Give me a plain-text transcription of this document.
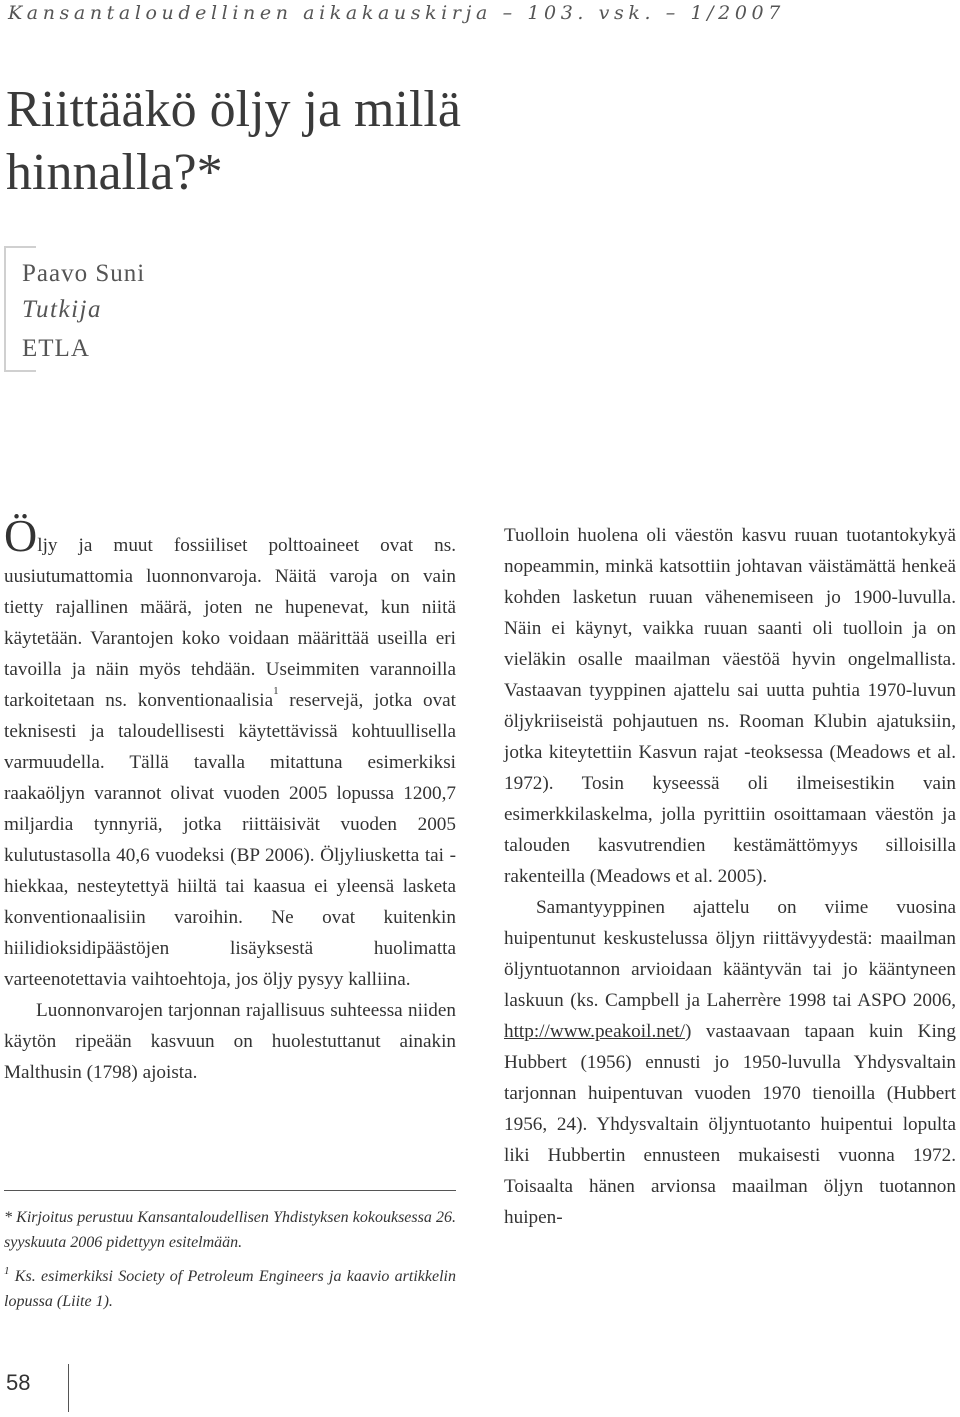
Kansantaloudellinen aikakauskirja – 103. vsk. – 1/2007
Riittääkö öljy ja millä hinnalla?*
Paavo Suni
Tutkija
ETLA

Öljy ja muut fossiiliset polttoaineet ovat ns. uusiutumattomia luonnonvaroja. Näitä varoja on vain tietty rajallinen määrä, joten ne hupenevat, kun niitä käytetään. Varantojen koko voidaan määrittää useilla eri tavoilla ja näin myös tehdään. Useimmiten varannoilla tarkoitetaan ns. konventionaalisia$^1$ reservejä, jotka ovat teknisesti ja taloudellisesti käytettävissä kohtuullisella varmuudella. Tällä tavalla mitattuna esimerkiksi raakaöljyn varannot olivat vuoden 2005 lopussa 1200,7 miljardia tynnyriä, jotka riittäisivät vuoden 2005 kulutustasolla 40,6 vuodeksi (BP 2006). Öljyliusketta tai -hiekkaa, nesteytettyä hiiltä tai kaasua ei yleensä lasketa konventionaalisiin varoihin. Ne ovat kuitenkin hiilidioksidipäästöjen lisäyksestä huolimatta varteenotettavia vaihtoehtoja, jos öljy pysyy kalliina.

Luonnonvarojen tarjonnan rajallisuus suhteessa niiden käytön ripeään kasvuun on huolestuttanut ainakin Malthusin (1798) ajoista.

Tuolloin huolena oli väestön kasvu ruuan tuotantokykyä nopeammin, minkä katsottiin johtavan väistämättä henkeä kohden lasketun ruuan vähenemiseen jo 1900-luvulla. Näin ei käynyt, vaikka ruuan saanti oli tuolloin ja on vieläkin osalle maailman väestöä hyvin ongelmallista. Vastaavan tyyppinen ajattelu sai uutta puhtia 1970-luvun öljykriiseistä pohjautuen ns. Rooman Klubin ajatuksiin, jotka kiteytettiin Kasvun rajat -teoksessa (Meadows et al. 1972). Tosin kyseessä oli ilmeisestikin vain esimerkkilaskelma, jolla pyrittiin osoittamaan väestön ja talouden kasvutrendien kestämättömyys silloisilla rakenteilla (Meadows et al. 2005).

Samantyyppinen ajattelu on viime vuosina huipentunut keskustelussa öljyn riittävyydestä: maailman öljyntuotannon arvioidaan kääntyvän tai jo kääntyneen laskuun (ks. Campbell ja Laherrère 1998 tai ASPO 2006, http://www.peakoil.net/) vastaavaan tapaan kuin King Hubbert (1956) ennusti jo 1950-luvulla Yhdysvaltain tarjonnan huipentuvan vuoden 1970 tienoilla (Hubbert 1956, 24). Yhdysvaltain öljyntuotanto huipentui lopulta liki Hubbertin ennusteen mukaisesti vuonna 1972. Toisaalta hänen arvionsa maailman öljyn tuotannon huipen-

* Kirjoitus perustuu Kansantaloudellisen Yhdistyksen kokouksessa 26. syyskuuta 2006 pidettyyn esitelmään.

$^1$ Ks. esimerkiksi Society of Petroleum Engineers ja kaavio artikkelin lopussa (Liite 1).

58
